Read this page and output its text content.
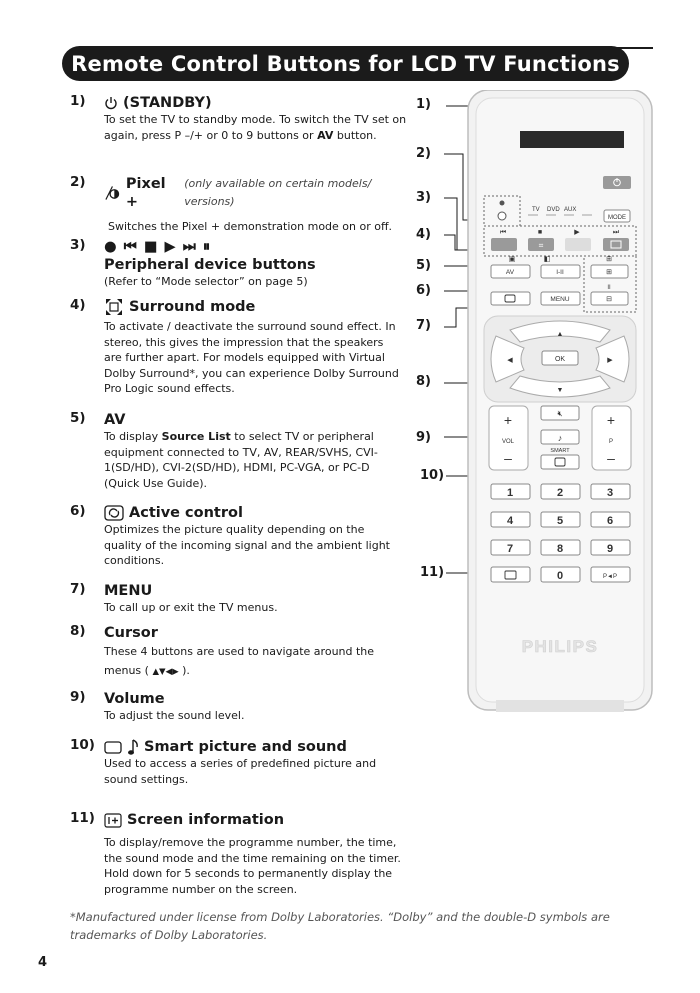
Remote Control Buttons for LCD TV Functions
1)	(STANDBY)

To set the TV to standby mode. To switch the TV set on again, press P –/+ or 0 to 9 buttons or AV button.

2)	Pixel +
(only available on certain models/ versions)

Switches the Pixel + demonstration mode on or off.

3) ● ⏮ ■ ▶ ⏭ ⏸
Peripheral device buttons

(Refer to “Mode selector” on page 5)

4)	Surround mode

To activate / deactivate the surround sound effect. In stereo, this gives the impression that the speakers are further apart. For models equipped with Virtual Dolby Surround*, you can experience Dolby Surround Pro Logic sound effects.

5) AV

To display Source List to select TV or peripheral equipment connected to TV, AV, REAR/SVHS, CVI-1(SD/HD), CVI-2(SD/HD), HDMI, PC-VGA, or PC-D (Quick Use Guide).

6)	Active control

Optimizes the picture quality depending on the quality of the incoming signal and the ambient light conditions.

7) MENU

To call up or exit the TV menus.

8) Cursor

These 4 buttons are used to navigate around the menus ( ▲▼◀▶ ).

9) Volume

To adjust the sound level.

10)	Smart picture and sound

Used to access a series of predefined picture and sound settings.

11) Screen information

To display/remove the programme number, the time, the sound mode and the time remaining on the timer. Hold down for 5 seconds to permanently display the programme number on the screen.

*Manufactured under license from Dolby Laboratories. “Dolby” and the double-D symbols are trademarks of Dolby Laboratories.
4
1)
2)
3)
4)
5)
6)
7)
8)
9)
10)
11)
TV DVD AUX
MODE
⏮	■	▶	⏭
⌗
▣	◧	⊞
AV	I-II	⊞
II
MENU	⊟
▲
▼
◀	▶
OK
+
VOL
–
+
P
–
🔇︎
♪
SMART
1	2	3
4	5	6
7	8	9
0	P◄P
PHILIPS
